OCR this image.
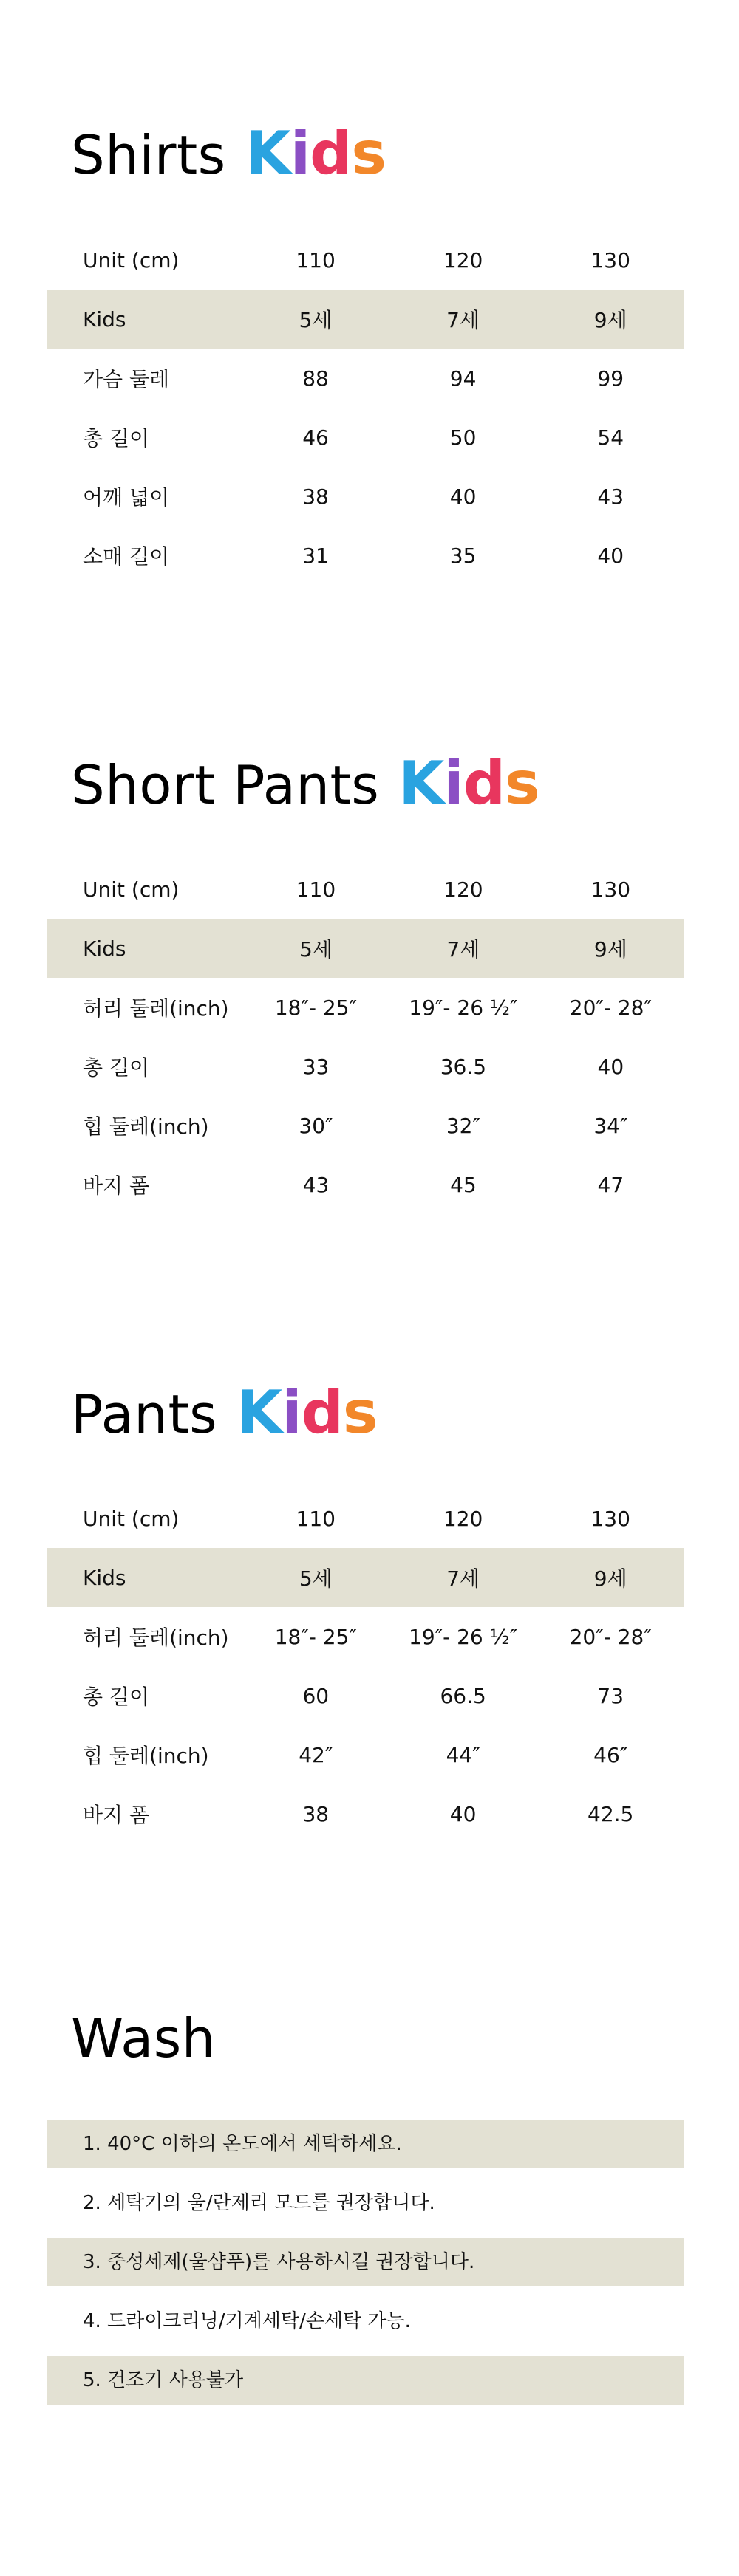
Shirts Kids
Unit (cm)	110	120	130
Kids	5세	7세	9세
가슴 둘레	88	94	99
총 길이	46	50	54
어깨 넓이	38	40	43
소매 길이	31	35	40
Short Pants Kids
Unit (cm)	110	120	130
Kids	5세	7세	9세
허리 둘레(inch)	18″- 25″	19″- 26 ½″	20″- 28″
총 길이	33	36.5	40
힙 둘레(inch)	30″	32″	34″
바지 폼	43	45	47
Pants Kids
Unit (cm)	110	120	130
Kids	5세	7세	9세
허리 둘레(inch)	18″- 25″	19″- 26 ½″	20″- 28″
총 길이	60	66.5	73
힙 둘레(inch)	42″	44″	46″
바지 폼	38	40	42.5
Wash
1. 40°C 이하의 온도에서 세탁하세요.
2. 세탁기의 울/란제리 모드를 권장합니다.
3. 중성세제(울샴푸)를 사용하시길 권장합니다.
4. 드라이크리닝/기계세탁/손세탁 가능.
5. 건조기 사용불가
